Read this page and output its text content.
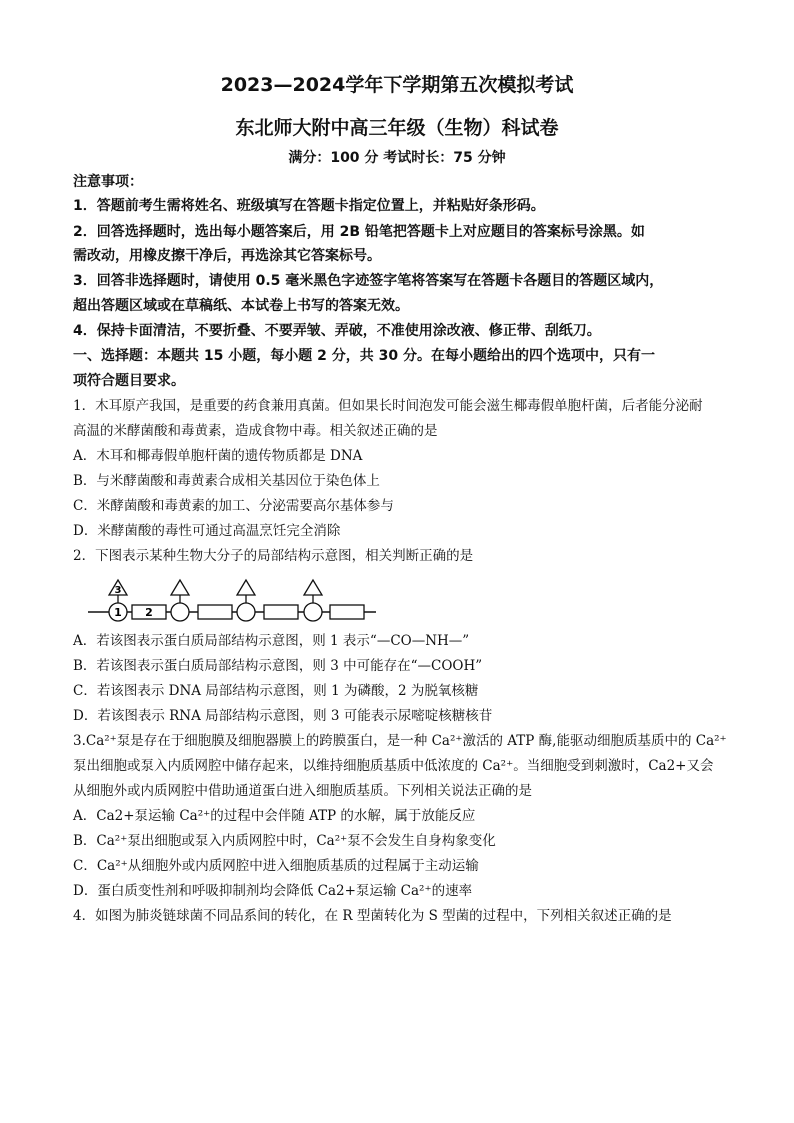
2023—2024学年下学期第五次模拟考试
东北师大附中高三年级（生物）科试卷
满分：100 分 考试时长：75 分钟
注意事项：
1．答题前考生需将姓名、班级填写在答题卡指定位置上，并粘贴好条形码。
2．回答选择题时，选出每小题答案后，用 2B 铅笔把答题卡上对应题目的答案标号涂黑。如
需改动，用橡皮擦干净后，再选涂其它答案标号。
3．回答非选择题时，请使用 0.5 毫米黑色字迹签字笔将答案写在答题卡各题目的答题区域内，
超出答题区域或在草稿纸、本试卷上书写的答案无效。
4．保持卡面清洁，不要折叠、不要弄皱、弄破，不准使用涂改液、修正带、刮纸刀。
一、选择题：本题共 15 小题，每小题 2 分，共 30 分。在每小题给出的四个选项中，只有一
项符合题目要求。
1．木耳原产我国，是重要的药食兼用真菌。但如果长时间泡发可能会滋生椰毒假单胞杆菌，后者能分泌耐
高温的米酵菌酸和毒黄素，造成食物中毒。相关叙述正确的是
A．木耳和椰毒假单胞杆菌的遗传物质都是 DNA
B．与米酵菌酸和毒黄素合成相关基因位于染色体上
C．米酵菌酸和毒黄素的加工、分泌需要高尔基体参与
D．米酵菌酸的毒性可通过高温烹饪完全消除
2．下图表示某种生物大分子的局部结构示意图，相关判断正确的是
3
1 2
A．若该图表示蛋白质局部结构示意图，则 1 表示“—CO—NH—”
B．若该图表示蛋白质局部结构示意图，则 3 中可能存在“—COOH”
C．若该图表示 DNA 局部结构示意图，则 1 为磷酸，2 为脱氧核糖
D．若该图表示 RNA 局部结构示意图，则 3 可能表示尿嘧啶核糖核苷
3.Ca²⁺泵是存在于细胞膜及细胞器膜上的跨膜蛋白，是一种 Ca²⁺激活的 ATP 酶,能驱动细胞质基质中的 Ca²⁺
泵出细胞或泵入内质网腔中储存起来，以维持细胞质基质中低浓度的 Ca²⁺。当细胞受到刺激时，Ca2+又会
从细胞外或内质网腔中借助通道蛋白进入细胞质基质。下列相关说法正确的是
A．Ca2+泵运输 Ca²⁺的过程中会伴随 ATP 的水解，属于放能反应
B．Ca²⁺泵出细胞或泵入内质网腔中时，Ca²⁺泵不会发生自身构象变化
C．Ca²⁺从细胞外或内质网腔中进入细胞质基质的过程属于主动运输
D．蛋白质变性剂和呼吸抑制剂均会降低 Ca2+泵运输 Ca²⁺的速率
4．如图为肺炎链球菌不同品系间的转化，在 R 型菌转化为 S 型菌的过程中，下列相关叙述正确的是
